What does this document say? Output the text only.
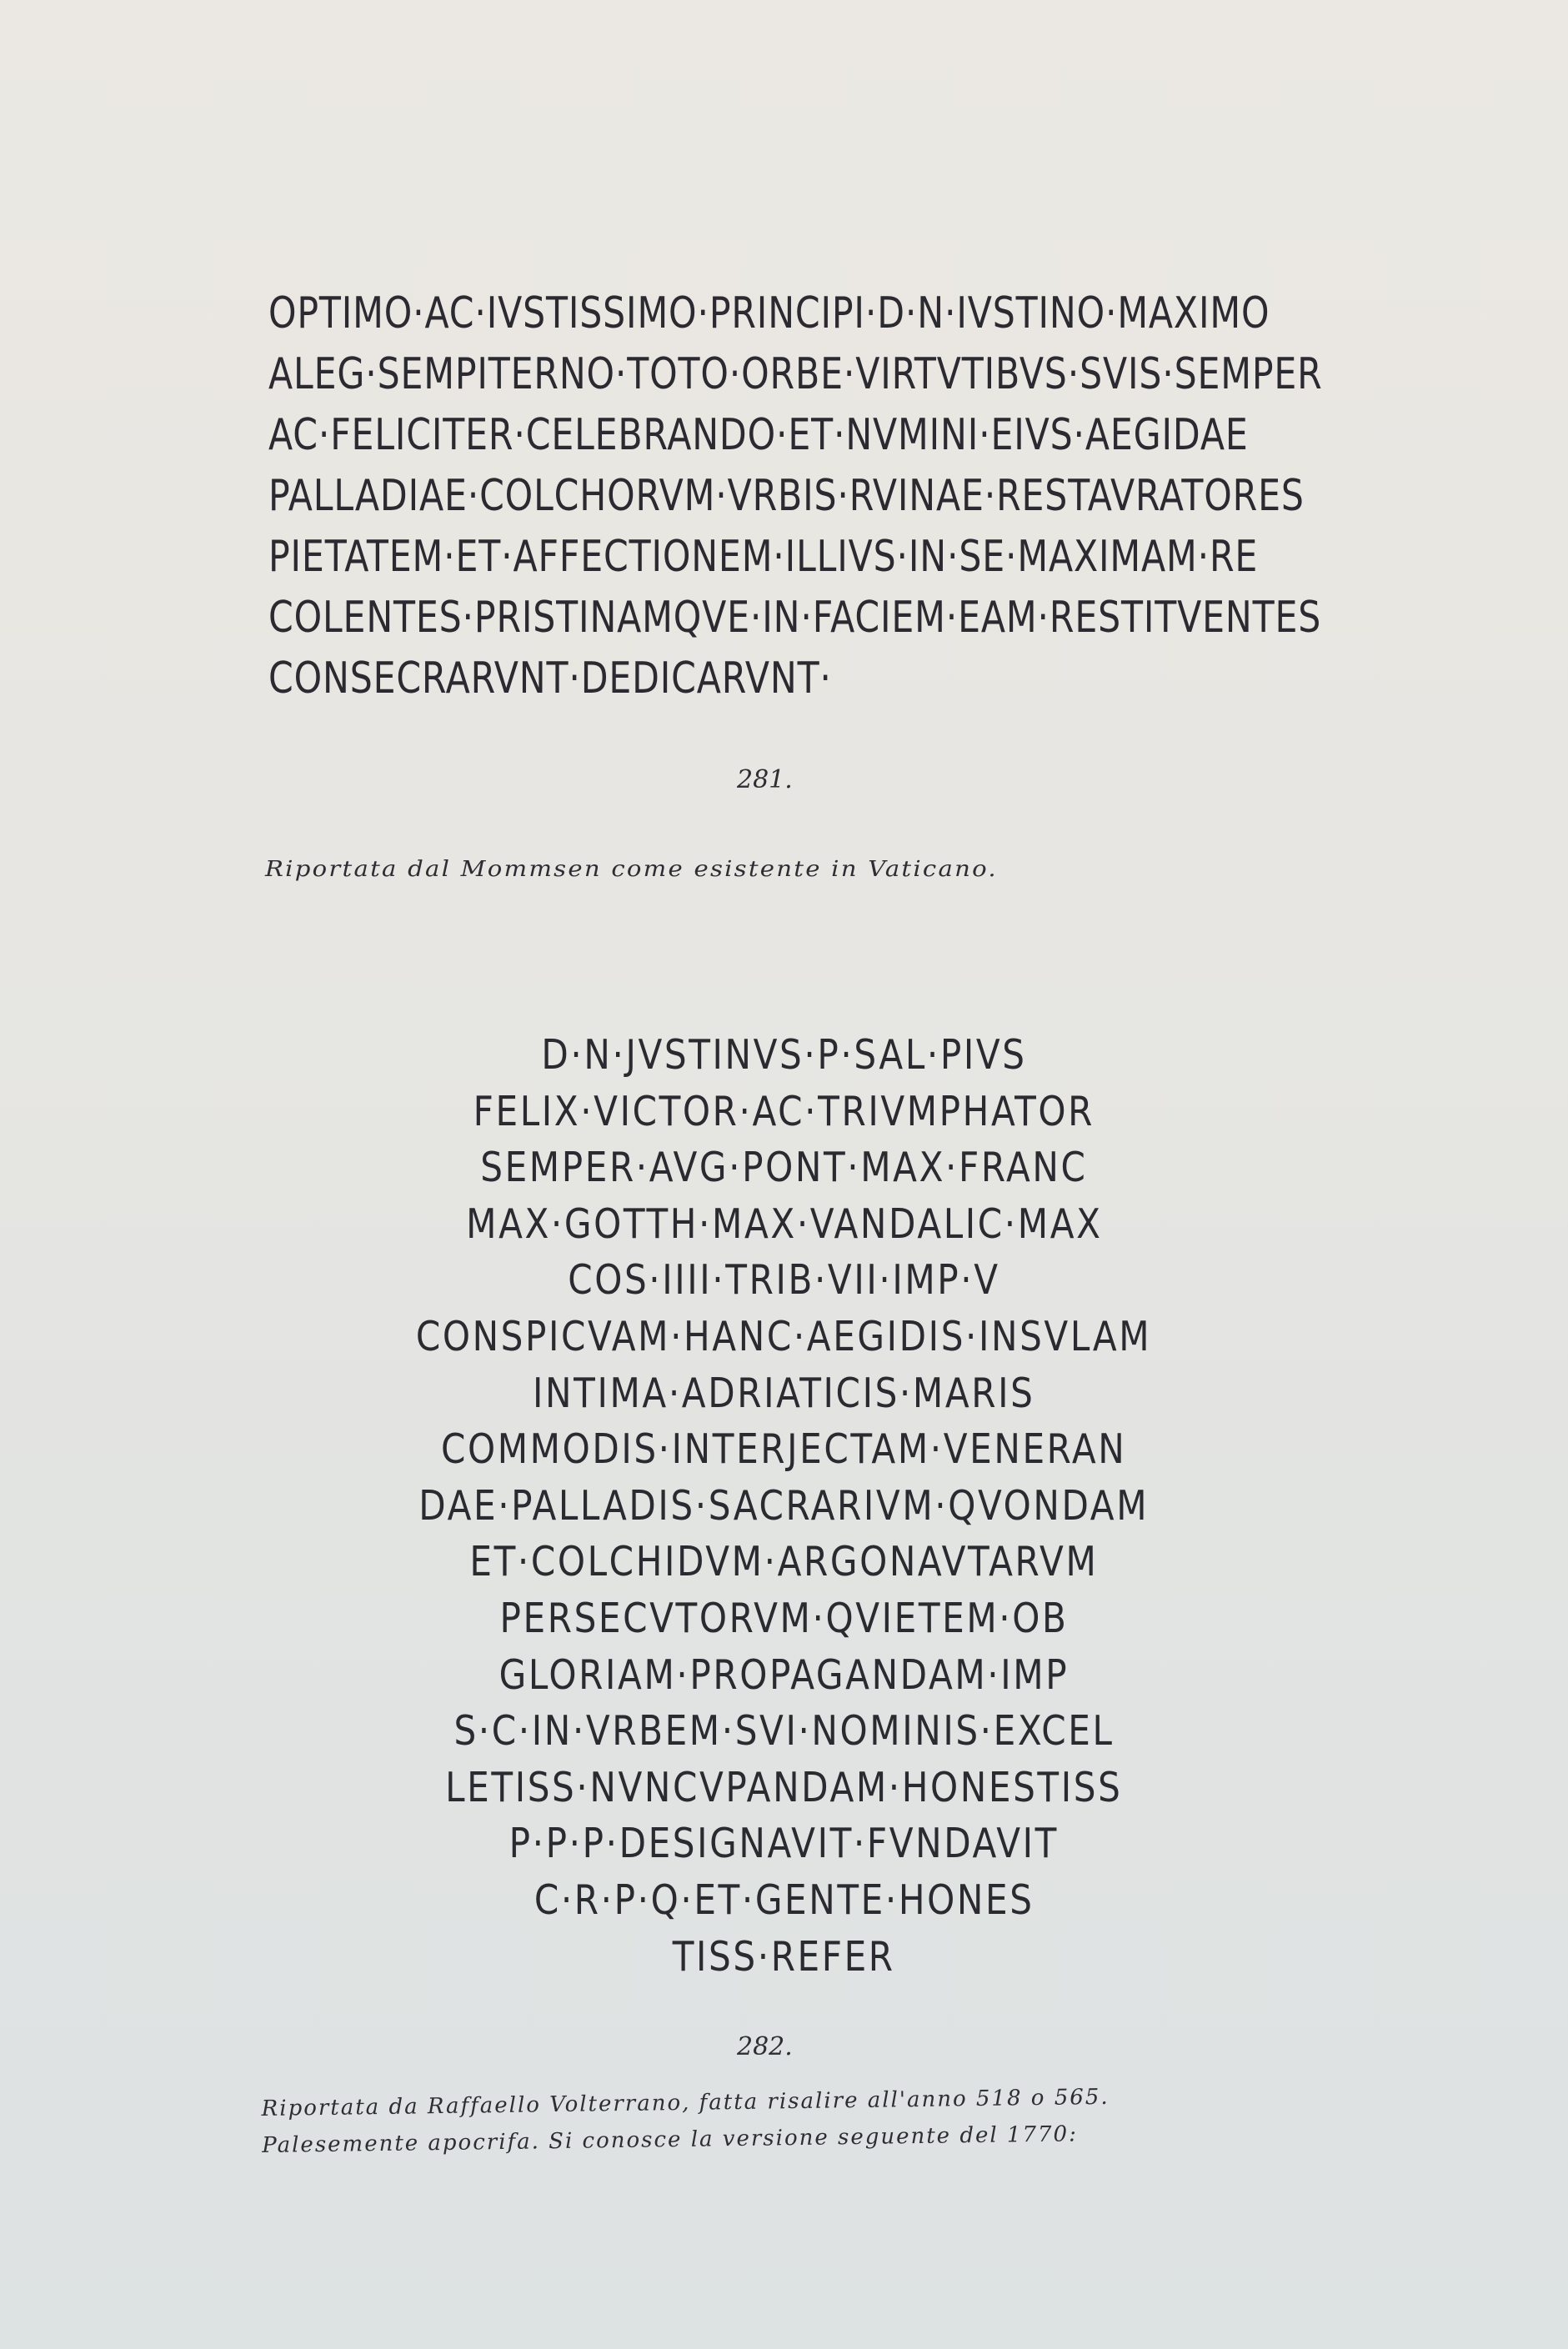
OPTIMO·AC·IVSTISSIMO·PRINCIPI·D·N·IVSTINO·MAXIMO
ALEG·SEMPITERNO·TOTO·ORBE·VIRTVTIBVS·SVIS·SEMPER
AC·FELICITER·CELEBRANDO·ET·NVMINI·EIVS·AEGIDAE
PALLADIAE·COLCHORVM·VRBIS·RVINAE·RESTAVRATORES
PIETATEM·ET·AFFECTIONEM·ILLIVS·IN·SE·MAXIMAM·RE
COLENTES·PRISTINAMQVE·IN·FACIEM·EAM·RESTITVENTES
CONSECRARVNT·DEDICARVNT·
281.
Riportata dal Mommsen come esistente in Vaticano.
D·N·JVSTINVS·P·SAL·PIVS
FELIX·VICTOR·AC·TRIVMPHATOR
SEMPER·AVG·PONT·MAX·FRANC
MAX·GOTTH·MAX·VANDALIC·MAX
COS·IIII·TRIB·VII·IMP·V
CONSPICVAM·HANC·AEGIDIS·INSVLAM
INTIMA·ADRIATICIS·MARIS
COMMODIS·INTERJECTAM·VENERAN
DAE·PALLADIS·SACRARIVM·QVONDAM
ET·COLCHIDVM·ARGONAVTARVM
PERSECVTORVM·QVIETEM·OB
GLORIAM·PROPAGANDAM·IMP
S·C·IN·VRBEM·SVI·NOMINIS·EXCEL
LETISS·NVNCVPANDAM·HONESTISS
P·P·P·DESIGNAVIT·FVNDAVIT
C·R·P·Q·ET·GENTE·HONES
TISS·REFER
282.
Riportata da Raffaello Volterrano, fatta risalire all'anno 518 o 565.
Palesemente apocrifa. Si conosce la versione seguente del 1770:
